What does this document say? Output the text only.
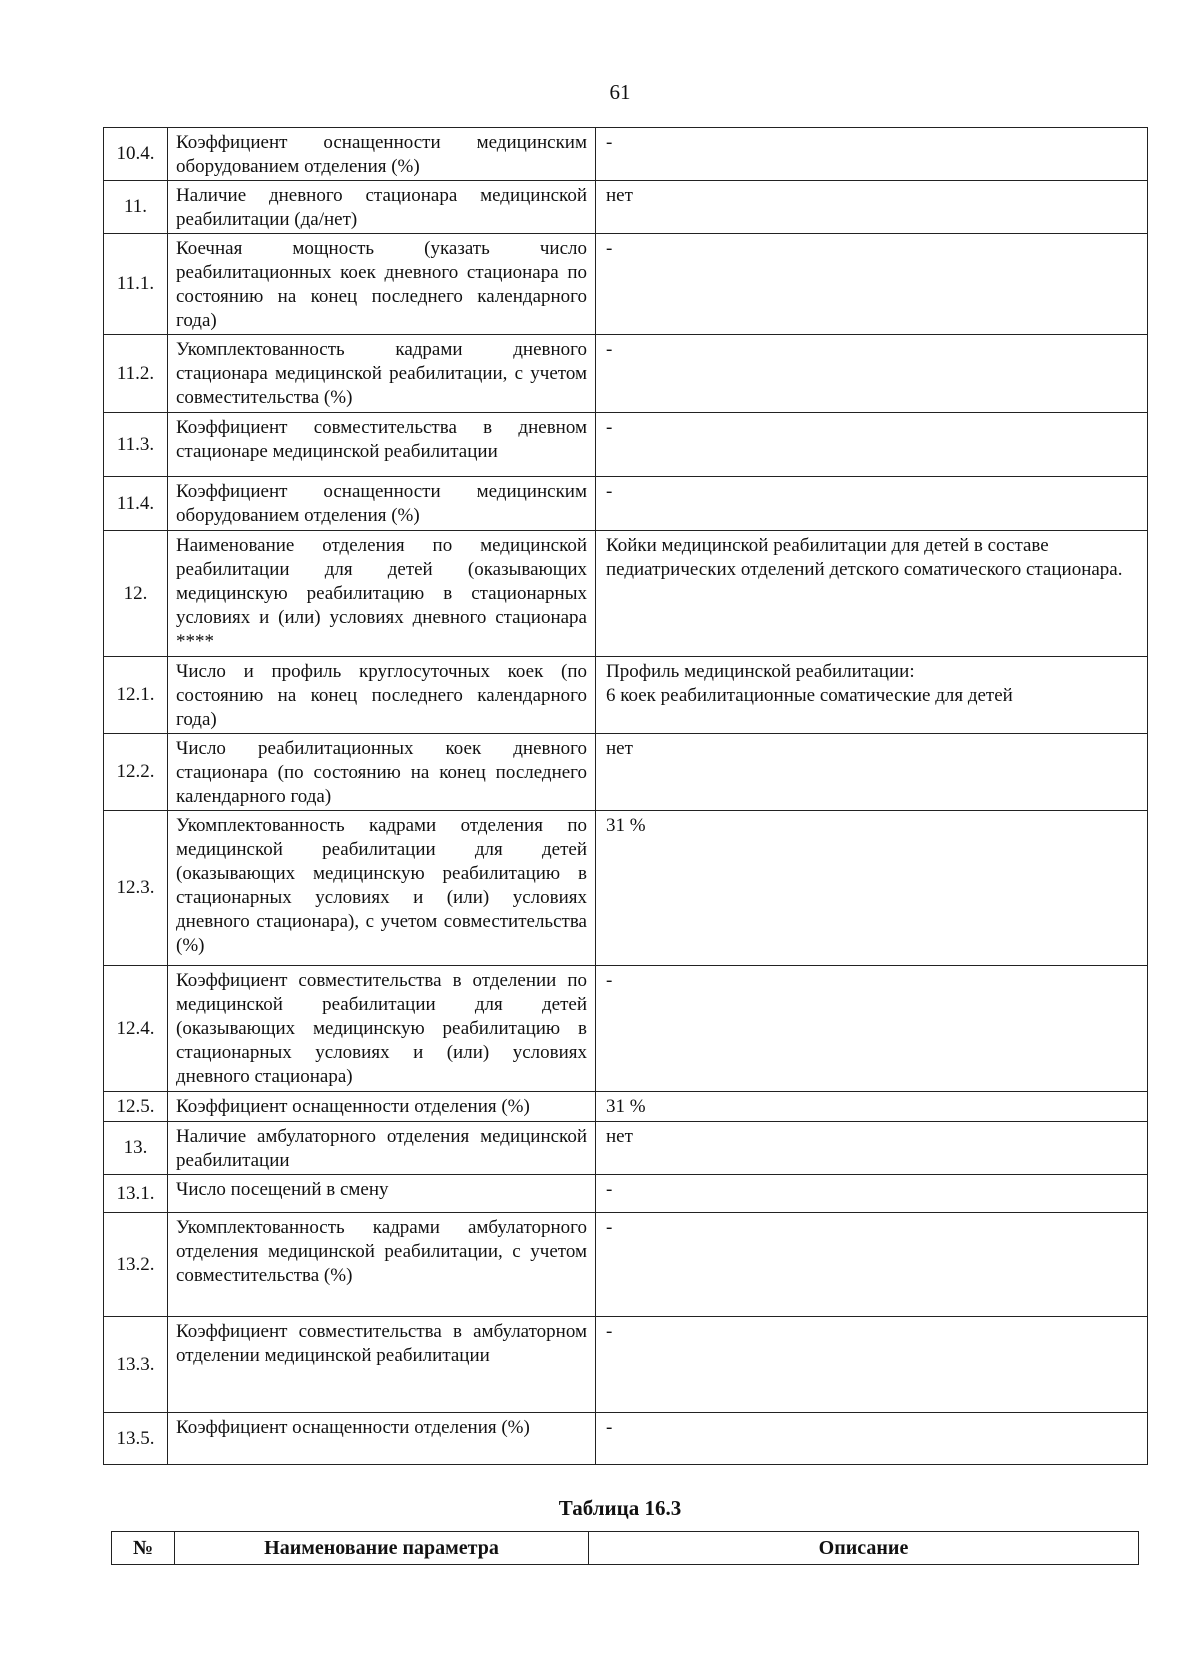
61
10.4.	Коэффициент оснащенности медицинским оборудованием отделения (%)	-
11.	Наличие дневного стационара медицинской реабилитации (да/нет)	нет
11.1.	Коечная мощность (указать число реабилитационных коек дневного стационара по состоянию на конец последнего календарного года)	-
11.2.	Укомплектованность кадрами дневного стационара медицинской реабилитации, с учетом совместительства (%)	-
11.3.	Коэффициент совместительства в дневном стационаре медицинской реабилитации	-
11.4.	Коэффициент оснащенности медицинским оборудованием отделения (%)	-
12.	Наименование отделения по медицинской реабилитации для детей (оказывающих медицинскую реабилитацию в стационарных условиях и (или) условиях дневного стационара ****	Койки медицинской реабилитации для детей в составе педиатрических отделений детского соматического стационара.
12.1.	Число и профиль круглосуточных коек (по состоянию на конец последнего календарного года)	Профиль медицинской реабилитации:
6 коек реабилитационные соматические для детей
12.2.	Число реабилитационных коек дневного стационара (по состоянию на конец последнего календарного года)	нет
12.3.	Укомплектованность кадрами отделения по медицинской реабилитации для детей (оказывающих медицинскую реабилитацию в стационарных условиях и (или) условиях дневного стационара), с учетом совместительства (%)	31 %
12.4.	Коэффициент совместительства в отделении по медицинской реабилитации для детей (оказывающих медицинскую реабилитацию в стационарных условиях и (или) условиях дневного стационара)	-
12.5.	Коэффициент оснащенности отделения (%)	31 %
13.	Наличие амбулаторного отделения медицинской реабилитации	нет
13.1.	Число посещений в смену	-
13.2.	Укомплектованность кадрами амбулаторного отделения медицинской реабилитации, с учетом совместительства (%)	-
13.3.	Коэффициент совместительства в амбулаторном отделении медицинской реабилитации	-
13.5.	Коэффициент оснащенности отделения (%)	-
Таблица 16.3
№	Наименование параметра	Описание
